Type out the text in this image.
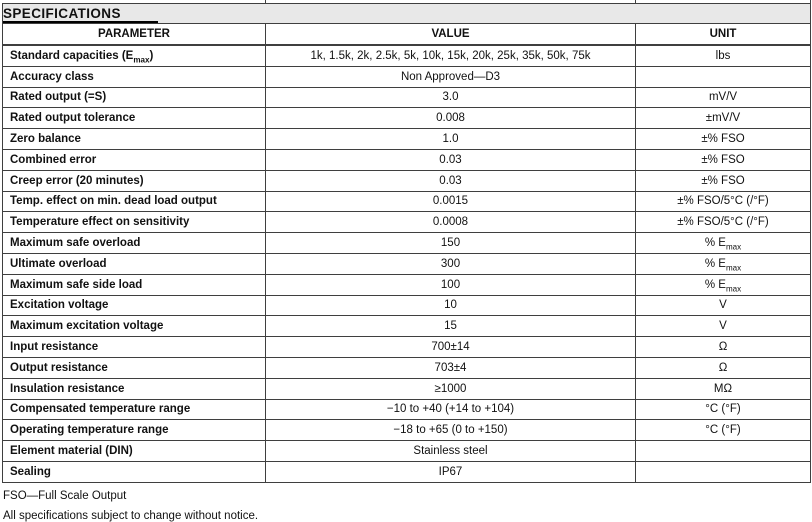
SPECIFICATIONS		

PARAMETER	VALUE	UNIT
Standard capacities $(E_{max})$	1k, 1.5k, 2k, 2.5k, 5k, 10k, 15k, 20k, 25k, 35k, 50k, 75k	lbs
Accuracy class	Non Approved—D3	
Rated output (=S)	3.0	mV/V
Rated output tolerance	0.008	±mV/V
Zero balance	1.0	±% FSO
Combined error	0.03	±% FSO
Creep error (20 minutes)	0.03	±% FSO
Temp. effect on min. dead load output	0.0015	±% FSO/5°C (/°F)
Temperature effect on sensitivity	0.0008	±% FSO/5°C (/°F)
Maximum safe overload	150	% $E_{max}$
Ultimate overload	300	% $E_{max}$
Maximum safe side load	100	% $E_{max}$
Excitation voltage	10	V
Maximum excitation voltage	15	V
Input resistance	700±14	Ω
Output resistance	703±4	Ω
Insulation resistance	≥1000	MΩ
Compensated temperature range	−10 to +40 (+14 to +104)	°C (°F)
Operating temperature range	−18 to +65 (0 to +150)	°C (°F)
Element material (DIN)	Stainless steel	
Sealing	IP67	

FSO—Full Scale Output

All specifications subject to change without notice.
